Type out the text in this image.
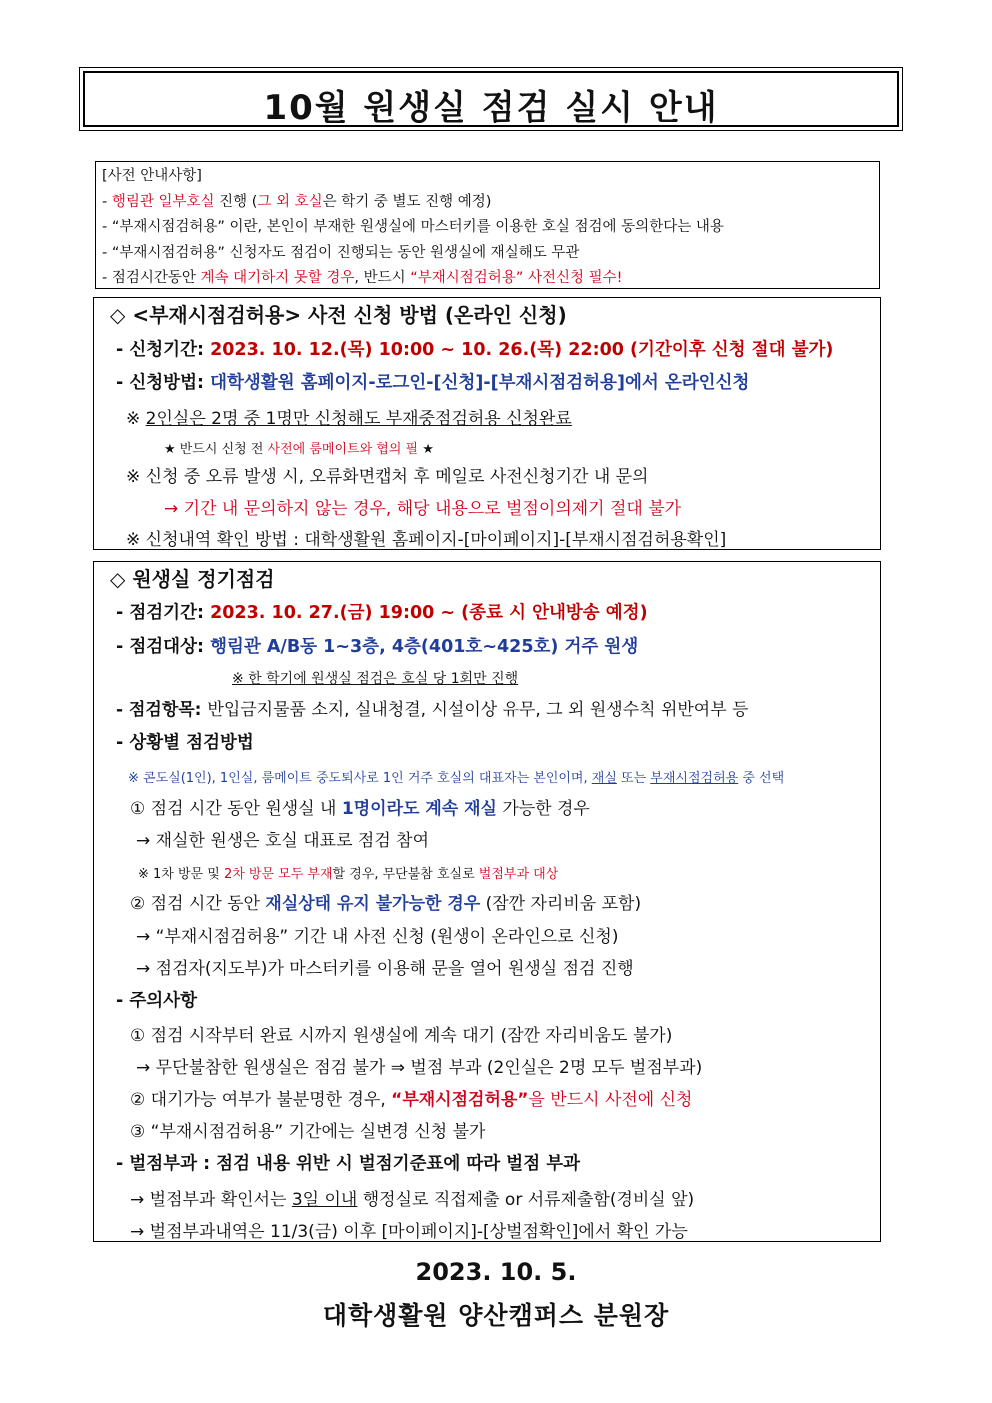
10월 원생실 점검 실시 안내
[사전 안내사항]
- 행림관 일부호실 진행 (그 외 호실은 학기 중 별도 진행 예정)
- “부재시점검허용” 이란, 본인이 부재한 원생실에 마스터키를 이용한 호실 점검에 동의한다는 내용
- “부재시점검허용” 신청자도 점검이 진행되는 동안 원생실에 재실해도 무관
- 점검시간동안 계속 대기하지 못할 경우, 반드시 “부재시점검허용” 사전신청 필수!
◇ <부재시점검허용> 사전 신청 방법 (온라인 신청)
- 신청기간: 2023. 10. 12.(목) 10:00 ~ 10. 26.(목) 22:00 (기간이후 신청 절대 불가)
- 신청방법: 대학생활원 홈페이지-로그인-[신청]-[부재시점검허용]에서 온라인신청
※ 2인실은 2명 중 1명만 신청해도 부재중점검허용 신청완료
★ 반드시 신청 전 사전에 룸메이트와 협의 필 ★
※ 신청 중 오류 발생 시, 오류화면캡처 후 메일로 사전신청기간 내 문의
→ 기간 내 문의하지 않는 경우, 해당 내용으로 벌점이의제기 절대 불가
※ 신청내역 확인 방법 : 대학생활원 홈페이지-[마이페이지]-[부재시점검허용확인]
◇ 원생실 정기점검
- 점검기간: 2023. 10. 27.(금) 19:00 ~ (종료 시 안내방송 예정)
- 점검대상: 행림관 A/B동 1~3층, 4층(401호~425호) 거주 원생
※ 한 학기에 원생실 점검은 호실 당 1회만 진행
- 점검항목: 반입금지물품 소지, 실내청결, 시설이상 유무, 그 외 원생수칙 위반여부 등
- 상황별 점검방법
※ 콘도실(1인), 1인실, 룸메이트 중도퇴사로 1인 거주 호실의 대표자는 본인이며, 재실 또는 부재시점검허용 중 선택
① 점검 시간 동안 원생실 내 1명이라도 계속 재실 가능한 경우
→ 재실한 원생은 호실 대표로 점검 참여
※ 1차 방문 및 2차 방문 모두 부재할 경우, 무단불참 호실로 벌점부과 대상
② 점검 시간 동안 재실상태 유지 불가능한 경우 (잠깐 자리비움 포함)
→ “부재시점검허용” 기간 내 사전 신청 (원생이 온라인으로 신청)
→ 점검자(지도부)가 마스터키를 이용해 문을 열어 원생실 점검 진행
- 주의사항
① 점검 시작부터 완료 시까지 원생실에 계속 대기 (잠깐 자리비움도 불가)
→ 무단불참한 원생실은 점검 불가 ⇒ 벌점 부과 (2인실은 2명 모두 벌점부과)
② 대기가능 여부가 불분명한 경우, “부재시점검허용”을 반드시 사전에 신청
③ “부재시점검허용” 기간에는 실변경 신청 불가
- 벌점부과 : 점검 내용 위반 시 벌점기준표에 따라 벌점 부과
→ 벌점부과 확인서는 3일 이내 행정실로 직접제출 or 서류제출함(경비실 앞)
→ 벌점부과내역은 11/3(금) 이후 [마이페이지]-[상벌점확인]에서 확인 가능
2023. 10. 5.
대학생활원 양산캠퍼스 분원장
